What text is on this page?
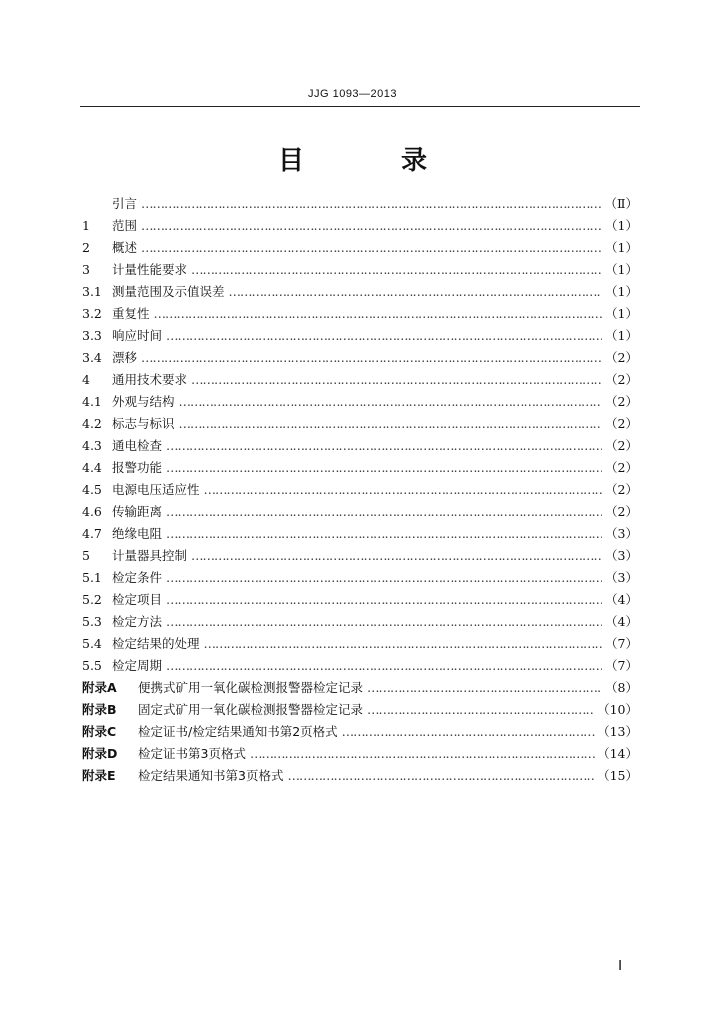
JJG 1093—2013
目 录
引言 ……………………………………………………………………………………………………………………………………………………………………………………	（Ⅱ）
1	范围 ……………………………………………………………………………………………………………………………………………………………………………………	（1）
2	概述 ……………………………………………………………………………………………………………………………………………………………………………………	（1）
3	计量性能要求 ……………………………………………………………………………………………………………………………………………………………………………………	（1）
3.1 测量范围及示值误差 ……………………………………………………………………………………………………………………………………………………………………………………	（1）
3.2 重复性 ……………………………………………………………………………………………………………………………………………………………………………………	（1）
3.3 响应时间 ……………………………………………………………………………………………………………………………………………………………………………………	（1）
3.4 漂移 ……………………………………………………………………………………………………………………………………………………………………………………	（2）
4	通用技术要求 ……………………………………………………………………………………………………………………………………………………………………………………	（2）
4.1 外观与结构 ……………………………………………………………………………………………………………………………………………………………………………………	（2）
4.2 标志与标识 ……………………………………………………………………………………………………………………………………………………………………………………	（2）
4.3 通电检查 ……………………………………………………………………………………………………………………………………………………………………………………	（2）
4.4 报警功能 ……………………………………………………………………………………………………………………………………………………………………………………	（2）
4.5 电源电压适应性 ……………………………………………………………………………………………………………………………………………………………………………………	（2）
4.6 传输距离 ……………………………………………………………………………………………………………………………………………………………………………………	（2）
4.7 绝缘电阻 ……………………………………………………………………………………………………………………………………………………………………………………	（3）
5	计量器具控制 ……………………………………………………………………………………………………………………………………………………………………………………	（3）
5.1 检定条件 ……………………………………………………………………………………………………………………………………………………………………………………	（3）
5.2 检定项目 ……………………………………………………………………………………………………………………………………………………………………………………	（4）
5.3 检定方法 ……………………………………………………………………………………………………………………………………………………………………………………	（4）
5.4 检定结果的处理 ……………………………………………………………………………………………………………………………………………………………………………………	（7）
5.5 检定周期 ……………………………………………………………………………………………………………………………………………………………………………………	（7）
附录A	便携式矿用一氧化碳检测报警器检定记录 ……………………………………………………………………………………………………………………………………………………………………………………	（8）
附录B	固定式矿用一氧化碳检测报警器检定记录 ……………………………………………………………………………………………………………………………………………………………………………………	（10）
附录C	检定证书/检定结果通知书第2页格式 ……………………………………………………………………………………………………………………………………………………………………………………	（13）
附录D	检定证书第3页格式 ……………………………………………………………………………………………………………………………………………………………………………………	（14）
附录E	检定结果通知书第3页格式 ……………………………………………………………………………………………………………………………………………………………………………………	（15）
Ⅰ
